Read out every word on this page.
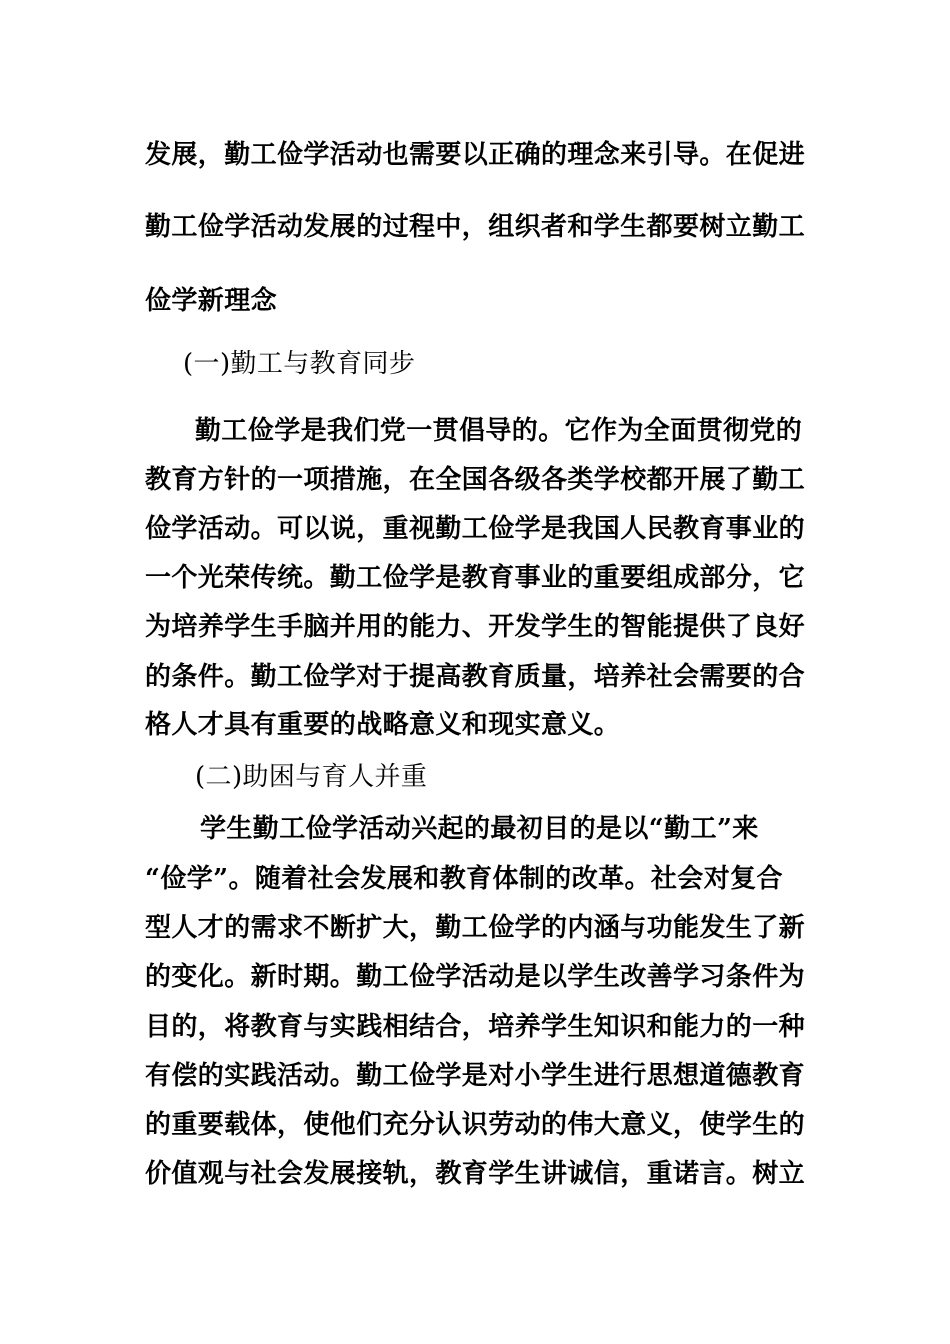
发展，勤工俭学活动也需要以正确的理念来引导。在促进
勤工俭学活动发展的过程中，组织者和学生都要树立勤工
俭学新理念
(一)勤工与教育同步
勤工俭学是我们党一贯倡导的。它作为全面贯彻党的
教育方针的一项措施，在全国各级各类学校都开展了勤工
俭学活动。可以说，重视勤工俭学是我国人民教育事业的
一个光荣传统。勤工俭学是教育事业的重要组成部分，它
为培养学生手脑并用的能力、开发学生的智能提供了良好
的条件。勤工俭学对于提高教育质量，培养社会需要的合
格人才具有重要的战略意义和现实意义。
(二)助困与育人并重
学生勤工俭学活动兴起的最初目的是以“勤工”来
“俭学”。随着社会发展和教育体制的改革。社会对复合
型人才的需求不断扩大，勤工俭学的内涵与功能发生了新
的变化。新时期。勤工俭学活动是以学生改善学习条件为
目的，将教育与实践相结合，培养学生知识和能力的一种
有偿的实践活动。勤工俭学是对小学生进行思想道德教育
的重要载体，使他们充分认识劳动的伟大意义，使学生的
价值观与社会发展接轨，教育学生讲诚信，重诺言。树立
